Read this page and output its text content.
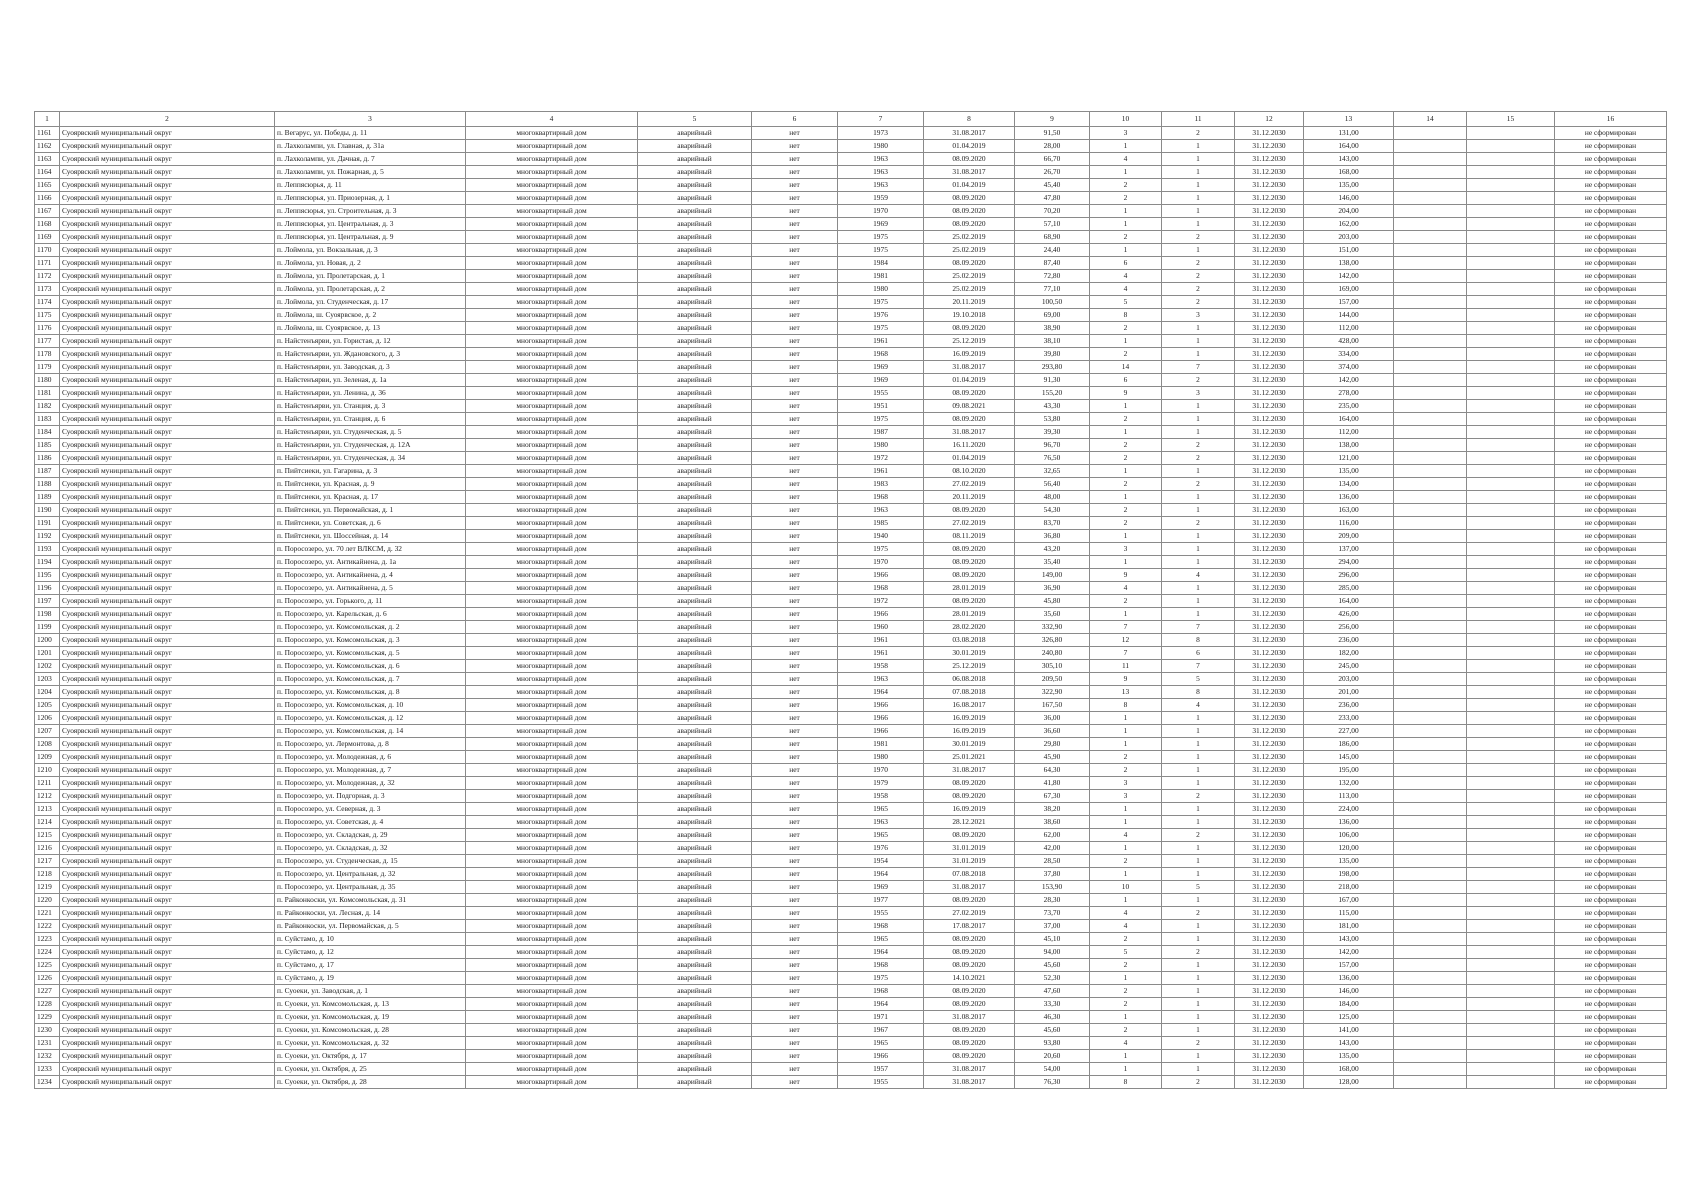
1	2	3	4	5	6	7	8	9	10	11	12	13	14	15	16
1161	Суоярвский муниципальный округ	п. Вегарус, ул. Победы, д. 11	многоквартирный дом	аварийный	нет	1973	31.08.2017	91,50	3	2	31.12.2030	131,00			не сформирован
1162	Суоярвский муниципальный округ	п. Лахколампи, ул. Главная, д. 31а	многоквартирный дом	аварийный	нет	1980	01.04.2019	28,00	1	1	31.12.2030	164,00			не сформирован
1163	Суоярвский муниципальный округ	п. Лахколампи, ул. Дачная, д. 7	многоквартирный дом	аварийный	нет	1963	08.09.2020	66,70	4	1	31.12.2030	143,00			не сформирован
1164	Суоярвский муниципальный округ	п. Лахколампи, ул. Пожарная, д. 5	многоквартирный дом	аварийный	нет	1963	31.08.2017	26,70	1	1	31.12.2030	168,00			не сформирован
1165	Суоярвский муниципальный округ	п. Леппясюрья, д. 11	многоквартирный дом	аварийный	нет	1963	01.04.2019	45,40	2	1	31.12.2030	135,00			не сформирован
1166	Суоярвский муниципальный округ	п. Леппясюрья, ул. Приозерная, д. 1	многоквартирный дом	аварийный	нет	1959	08.09.2020	47,80	2	1	31.12.2030	146,00			не сформирован
1167	Суоярвский муниципальный округ	п. Леппясюрья, ул. Строительная, д. 3	многоквартирный дом	аварийный	нет	1970	08.09.2020	70,20	1	1	31.12.2030	204,00			не сформирован
1168	Суоярвский муниципальный округ	п. Леппясюрья, ул. Центральная, д. 3	многоквартирный дом	аварийный	нет	1969	08.09.2020	57,10	1	1	31.12.2030	162,00			не сформирован
1169	Суоярвский муниципальный округ	п. Леппясюрья, ул. Центральная, д. 9	многоквартирный дом	аварийный	нет	1975	25.02.2019	68,90	2	2	31.12.2030	203,00			не сформирован
1170	Суоярвский муниципальный округ	п. Лоймола, ул. Вокзальная, д. 3	многоквартирный дом	аварийный	нет	1975	25.02.2019	24,40	1	1	31.12.2030	151,00			не сформирован
1171	Суоярвский муниципальный округ	п. Лоймола, ул. Новая, д. 2	многоквартирный дом	аварийный	нет	1984	08.09.2020	87,40	6	2	31.12.2030	138,00			не сформирован
1172	Суоярвский муниципальный округ	п. Лоймола, ул. Пролетарская, д. 1	многоквартирный дом	аварийный	нет	1981	25.02.2019	72,80	4	2	31.12.2030	142,00			не сформирован
1173	Суоярвский муниципальный округ	п. Лоймола, ул. Пролетарская, д. 2	многоквартирный дом	аварийный	нет	1980	25.02.2019	77,10	4	2	31.12.2030	169,00			не сформирован
1174	Суоярвский муниципальный округ	п. Лоймола, ул. Студенческая, д. 17	многоквартирный дом	аварийный	нет	1975	20.11.2019	100,50	5	2	31.12.2030	157,00			не сформирован
1175	Суоярвский муниципальный округ	п. Лоймола, ш. Суоярвское, д. 2	многоквартирный дом	аварийный	нет	1976	19.10.2018	69,00	8	3	31.12.2030	144,00			не сформирован
1176	Суоярвский муниципальный округ	п. Лоймола, ш. Суоярвское, д. 13	многоквартирный дом	аварийный	нет	1975	08.09.2020	38,90	2	1	31.12.2030	112,00			не сформирован
1177	Суоярвский муниципальный округ	п. Найстенъярви, ул. Гористая, д. 12	многоквартирный дом	аварийный	нет	1961	25.12.2019	38,10	1	1	31.12.2030	428,00			не сформирован
1178	Суоярвский муниципальный округ	п. Найстенъярви, ул. Ждановского, д. 3	многоквартирный дом	аварийный	нет	1968	16.09.2019	39,80	2	1	31.12.2030	334,00			не сформирован
1179	Суоярвский муниципальный округ	п. Найстенъярви, ул. Заводская, д. 3	многоквартирный дом	аварийный	нет	1969	31.08.2017	293,80	14	7	31.12.2030	374,00			не сформирован
1180	Суоярвский муниципальный округ	п. Найстенъярви, ул. Зеленая, д. 1а	многоквартирный дом	аварийный	нет	1969	01.04.2019	91,30	6	2	31.12.2030	142,00			не сформирован
1181	Суоярвский муниципальный округ	п. Найстенъярви, ул. Ленина, д. 36	многоквартирный дом	аварийный	нет	1955	08.09.2020	155,20	9	3	31.12.2030	278,00			не сформирован
1182	Суоярвский муниципальный округ	п. Найстенъярви, ул. Станция, д. 3	многоквартирный дом	аварийный	нет	1951	09.08.2021	43,30	1	1	31.12.2030	235,00			не сформирован
1183	Суоярвский муниципальный округ	п. Найстенъярви, ул. Станция, д. 6	многоквартирный дом	аварийный	нет	1975	08.09.2020	53,80	2	1	31.12.2030	164,00			не сформирован
1184	Суоярвский муниципальный округ	п. Найстенъярви, ул. Студенческая, д. 5	многоквартирный дом	аварийный	нет	1987	31.08.2017	39,30	1	1	31.12.2030	112,00			не сформирован
1185	Суоярвский муниципальный округ	п. Найстенъярви, ул. Студенческая, д. 12А	многоквартирный дом	аварийный	нет	1980	16.11.2020	96,70	2	2	31.12.2030	138,00			не сформирован
1186	Суоярвский муниципальный округ	п. Найстенъярви, ул. Студенческая, д. 34	многоквартирный дом	аварийный	нет	1972	01.04.2019	76,50	2	2	31.12.2030	121,00			не сформирован
1187	Суоярвский муниципальный округ	п. Пийтсиеки, ул. Гагарина, д. 3	многоквартирный дом	аварийный	нет	1961	08.10.2020	32,65	1	1	31.12.2030	135,00			не сформирован
1188	Суоярвский муниципальный округ	п. Пийтсиеки, ул. Красная, д. 9	многоквартирный дом	аварийный	нет	1983	27.02.2019	56,40	2	2	31.12.2030	134,00			не сформирован
1189	Суоярвский муниципальный округ	п. Пийтсиеки, ул. Красная, д. 17	многоквартирный дом	аварийный	нет	1968	20.11.2019	48,00	1	1	31.12.2030	136,00			не сформирован
1190	Суоярвский муниципальный округ	п. Пийтсиеки, ул. Первомайская, д. 1	многоквартирный дом	аварийный	нет	1963	08.09.2020	54,30	2	1	31.12.2030	163,00			не сформирован
1191	Суоярвский муниципальный округ	п. Пийтсиеки, ул. Советская, д. 6	многоквартирный дом	аварийный	нет	1985	27.02.2019	83,70	2	2	31.12.2030	116,00			не сформирован
1192	Суоярвский муниципальный округ	п. Пийтсиеки, ул. Шоссейная, д. 14	многоквартирный дом	аварийный	нет	1940	08.11.2019	36,80	1	1	31.12.2030	209,00			не сформирован
1193	Суоярвский муниципальный округ	п. Поросозеро, ул. 70 лет ВЛКСМ, д. 32	многоквартирный дом	аварийный	нет	1975	08.09.2020	43,20	3	1	31.12.2030	137,00			не сформирован
1194	Суоярвский муниципальный округ	п. Поросозеро, ул. Антикайнена, д. 1а	многоквартирный дом	аварийный	нет	1970	08.09.2020	35,40	1	1	31.12.2030	294,00			не сформирован
1195	Суоярвский муниципальный округ	п. Поросозеро, ул. Антикайнена, д. 4	многоквартирный дом	аварийный	нет	1966	08.09.2020	149,00	9	4	31.12.2030	296,00			не сформирован
1196	Суоярвский муниципальный округ	п. Поросозеро, ул. Антикайнена, д. 5	многоквартирный дом	аварийный	нет	1968	28.01.2019	36,90	4	1	31.12.2030	285,00			не сформирован
1197	Суоярвский муниципальный округ	п. Поросозеро, ул. Горького, д. 11	многоквартирный дом	аварийный	нет	1972	08.09.2020	45,80	2	1	31.12.2030	164,00			не сформирован
1198	Суоярвский муниципальный округ	п. Поросозеро, ул. Карельская, д. 6	многоквартирный дом	аварийный	нет	1966	28.01.2019	35,60	1	1	31.12.2030	426,00			не сформирован
1199	Суоярвский муниципальный округ	п. Поросозеро, ул. Комсомольская, д. 2	многоквартирный дом	аварийный	нет	1960	28.02.2020	332,90	7	7	31.12.2030	256,00			не сформирован
1200	Суоярвский муниципальный округ	п. Поросозеро, ул. Комсомольская, д. 3	многоквартирный дом	аварийный	нет	1961	03.08.2018	326,80	12	8	31.12.2030	236,00			не сформирован
1201	Суоярвский муниципальный округ	п. Поросозеро, ул. Комсомольская, д. 5	многоквартирный дом	аварийный	нет	1961	30.01.2019	240,80	7	6	31.12.2030	182,00			не сформирован
1202	Суоярвский муниципальный округ	п. Поросозеро, ул. Комсомольская, д. 6	многоквартирный дом	аварийный	нет	1958	25.12.2019	305,10	11	7	31.12.2030	245,00			не сформирован
1203	Суоярвский муниципальный округ	п. Поросозеро, ул. Комсомольская, д. 7	многоквартирный дом	аварийный	нет	1963	06.08.2018	209,50	9	5	31.12.2030	203,00			не сформирован
1204	Суоярвский муниципальный округ	п. Поросозеро, ул. Комсомольская, д. 8	многоквартирный дом	аварийный	нет	1964	07.08.2018	322,90	13	8	31.12.2030	201,00			не сформирован
1205	Суоярвский муниципальный округ	п. Поросозеро, ул. Комсомольская, д. 10	многоквартирный дом	аварийный	нет	1966	16.08.2017	167,50	8	4	31.12.2030	236,00			не сформирован
1206	Суоярвский муниципальный округ	п. Поросозеро, ул. Комсомольская, д. 12	многоквартирный дом	аварийный	нет	1966	16.09.2019	36,00	1	1	31.12.2030	233,00			не сформирован
1207	Суоярвский муниципальный округ	п. Поросозеро, ул. Комсомольская, д. 14	многоквартирный дом	аварийный	нет	1966	16.09.2019	36,60	1	1	31.12.2030	227,00			не сформирован
1208	Суоярвский муниципальный округ	п. Поросозеро, ул. Лермонтова, д. 8	многоквартирный дом	аварийный	нет	1981	30.01.2019	29,80	1	1	31.12.2030	186,00			не сформирован
1209	Суоярвский муниципальный округ	п. Поросозеро, ул. Молодежная, д. 6	многоквартирный дом	аварийный	нет	1980	25.01.2021	45,90	2	1	31.12.2030	145,00			не сформирован
1210	Суоярвский муниципальный округ	п. Поросозеро, ул. Молодежная, д. 7	многоквартирный дом	аварийный	нет	1970	31.08.2017	64,30	2	1	31.12.2030	195,00			не сформирован
1211	Суоярвский муниципальный округ	п. Поросозеро, ул. Молодежная, д. 32	многоквартирный дом	аварийный	нет	1979	08.09.2020	41,80	3	1	31.12.2030	132,00			не сформирован
1212	Суоярвский муниципальный округ	п. Поросозеро, ул. Подгорная, д. 3	многоквартирный дом	аварийный	нет	1958	08.09.2020	67,30	3	2	31.12.2030	113,00			не сформирован
1213	Суоярвский муниципальный округ	п. Поросозеро, ул. Северная, д. 3	многоквартирный дом	аварийный	нет	1965	16.09.2019	38,20	1	1	31.12.2030	224,00			не сформирован
1214	Суоярвский муниципальный округ	п. Поросозеро, ул. Советская, д. 4	многоквартирный дом	аварийный	нет	1963	28.12.2021	38,60	1	1	31.12.2030	136,00			не сформирован
1215	Суоярвский муниципальный округ	п. Поросозеро, ул. Складская, д. 29	многоквартирный дом	аварийный	нет	1965	08.09.2020	62,00	4	2	31.12.2030	106,00			не сформирован
1216	Суоярвский муниципальный округ	п. Поросозеро, ул. Складская, д. 32	многоквартирный дом	аварийный	нет	1976	31.01.2019	42,00	1	1	31.12.2030	120,00			не сформирован
1217	Суоярвский муниципальный округ	п. Поросозеро, ул. Студенческая, д. 15	многоквартирный дом	аварийный	нет	1954	31.01.2019	28,50	2	1	31.12.2030	135,00			не сформирован
1218	Суоярвский муниципальный округ	п. Поросозеро, ул. Центральная, д. 32	многоквартирный дом	аварийный	нет	1964	07.08.2018	37,80	1	1	31.12.2030	198,00			не сформирован
1219	Суоярвский муниципальный округ	п. Поросозеро, ул. Центральная, д. 35	многоквартирный дом	аварийный	нет	1969	31.08.2017	153,90	10	5	31.12.2030	218,00			не сформирован
1220	Суоярвский муниципальный округ	п. Райконкоски, ул. Комсомольская, д. 31	многоквартирный дом	аварийный	нет	1977	08.09.2020	28,30	1	1	31.12.2030	167,00			не сформирован
1221	Суоярвский муниципальный округ	п. Райконкоски, ул. Лесная, д. 14	многоквартирный дом	аварийный	нет	1955	27.02.2019	73,70	4	2	31.12.2030	115,00			не сформирован
1222	Суоярвский муниципальный округ	п. Райконкоски, ул. Первомайская, д. 5	многоквартирный дом	аварийный	нет	1968	17.08.2017	37,00	4	1	31.12.2030	181,00			не сформирован
1223	Суоярвский муниципальный округ	п. Суйстамо, д. 10	многоквартирный дом	аварийный	нет	1965	08.09.2020	45,10	2	1	31.12.2030	143,00			не сформирован
1224	Суоярвский муниципальный округ	п. Суйстамо, д. 12	многоквартирный дом	аварийный	нет	1964	08.09.2020	94,00	5	2	31.12.2030	142,00			не сформирован
1225	Суоярвский муниципальный округ	п. Суйстамо, д. 17	многоквартирный дом	аварийный	нет	1968	08.09.2020	45,60	2	1	31.12.2030	157,00			не сформирован
1226	Суоярвский муниципальный округ	п. Суйстамо, д. 19	многоквартирный дом	аварийный	нет	1975	14.10.2021	52,30	1	1	31.12.2030	136,00			не сформирован
1227	Суоярвский муниципальный округ	п. Суоеки, ул. Заводская, д. 1	многоквартирный дом	аварийный	нет	1968	08.09.2020	47,60	2	1	31.12.2030	146,00			не сформирован
1228	Суоярвский муниципальный округ	п. Суоеки, ул. Комсомольская, д. 13	многоквартирный дом	аварийный	нет	1964	08.09.2020	33,30	2	1	31.12.2030	184,00			не сформирован
1229	Суоярвский муниципальный округ	п. Суоеки, ул. Комсомольская, д. 19	многоквартирный дом	аварийный	нет	1971	31.08.2017	46,30	1	1	31.12.2030	125,00			не сформирован
1230	Суоярвский муниципальный округ	п. Суоеки, ул. Комсомольская, д. 28	многоквартирный дом	аварийный	нет	1967	08.09.2020	45,60	2	1	31.12.2030	141,00			не сформирован
1231	Суоярвский муниципальный округ	п. Суоеки, ул. Комсомольская, д. 32	многоквартирный дом	аварийный	нет	1965	08.09.2020	93,80	4	2	31.12.2030	143,00			не сформирован
1232	Суоярвский муниципальный округ	п. Суоеки, ул. Октября, д. 17	многоквартирный дом	аварийный	нет	1966	08.09.2020	20,60	1	1	31.12.2030	135,00			не сформирован
1233	Суоярвский муниципальный округ	п. Суоеки, ул. Октября, д. 25	многоквартирный дом	аварийный	нет	1957	31.08.2017	54,00	1	1	31.12.2030	168,00			не сформирован
1234	Суоярвский муниципальный округ	п. Суоеки, ул. Октября, д. 28	многоквартирный дом	аварийный	нет	1955	31.08.2017	76,30	8	2	31.12.2030	128,00			не сформирован
